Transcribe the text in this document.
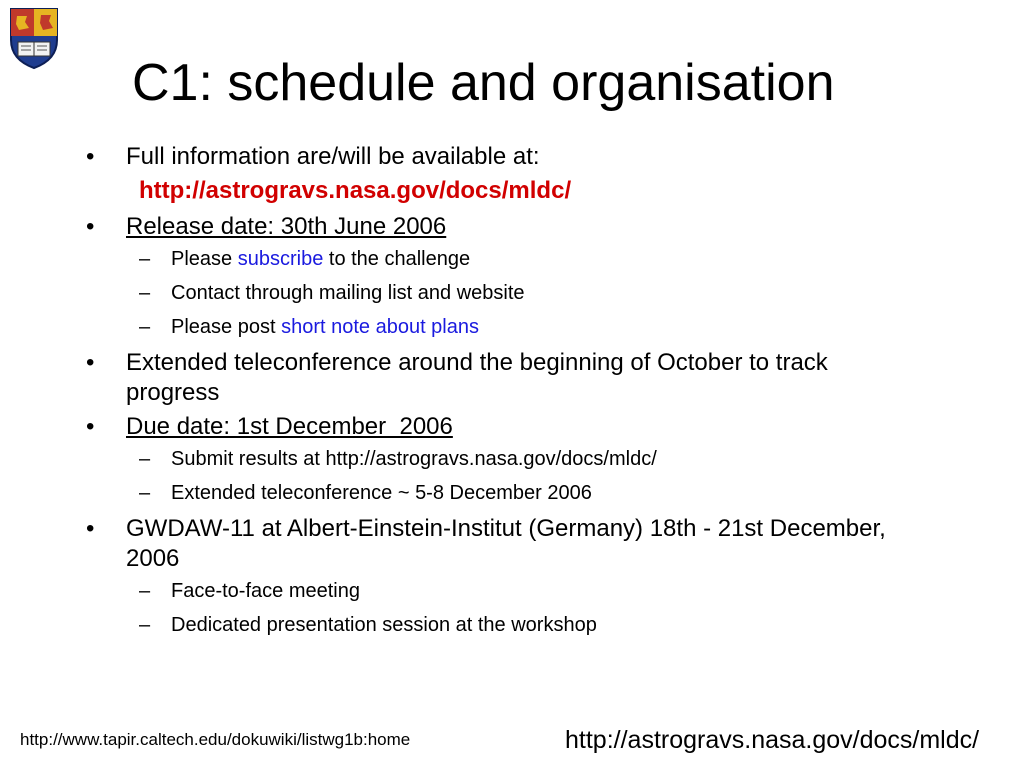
C1: schedule and organisation
• Full information are/will be available at:
http://astrogravs.nasa.gov/docs/mldc/
• Release date: 30th June 2006
– Please subscribe to the challenge
– Contact through mailing list and website
– Please post short note about plans
• Extended teleconference around the beginning of October to track progress
• Due date: 1st December  2006
– Submit results at http://astrogravs.nasa.gov/docs/mldc/
– Extended teleconference ~ 5-8 December 2006
• GWDAW-11 at Albert-Einstein-Institut (Germany) 18th - 21st December, 2006
– Face-to-face meeting
– Dedicated presentation session at the workshop
http://www.tapir.caltech.edu/dokuwiki/listwg1b:home	http://astrogravs.nasa.gov/docs/mldc/
